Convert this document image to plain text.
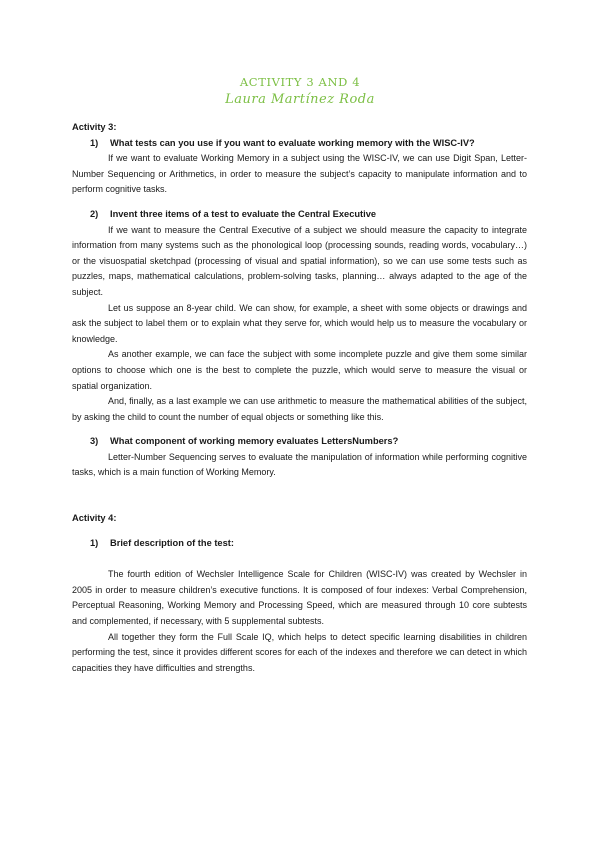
ACTIVITY 3 AND 4
Laura Martínez Roda

Activity 3:

1) What tests can you use if you want to evaluate working memory with the WISC-IV?

If we want to evaluate Working Memory in a subject using the WISC-IV, we can use Digit Span, Letter-Number Sequencing or Arithmetics, in order to measure the subject’s capacity to manipulate information and to perform cognitive tasks.

2) Invent three items of a test to evaluate the Central Executive

If we want to measure the Central Executive of a subject we should measure the capacity to integrate information from many systems such as the phonological loop (processing sounds, reading words, vocabulary…) or the visuospatial sketchpad (processing of visual and spatial information), so we can use some tests such as puzzles, maps, mathematical calculations, problem-solving tasks, planning… always adapted to the age of the subject.

Let us suppose an 8-year child. We can show, for example, a sheet with some objects or drawings and ask the subject to label them or to explain what they serve for, which would help us to measure the vocabulary or knowledge.

As another example, we can face the subject with some incomplete puzzle and give them some similar options to choose which one is the best to complete the puzzle, which would serve to measure the visual or spatial organization.

And, finally, as a last example we can use arithmetic to measure the mathematical abilities of the subject, by asking the child to count the number of equal objects or something like this.

3) What component of working memory evaluates LettersNumbers?

Letter-Number Sequencing serves to evaluate the manipulation of information while performing cognitive tasks, which is a main function of Working Memory.

Activity 4:

1) Brief description of the test:

The fourth edition of Wechsler Intelligence Scale for Children (WISC-IV) was created by Wechsler in 2005 in order to measure children’s executive functions. It is composed of four indexes: Verbal Comprehension, Perceptual Reasoning, Working Memory and Processing Speed, which are measured through 10 core subtests and complemented, if necessary, with 5 supplemental subtests.

All together they form the Full Scale IQ, which helps to detect specific learning disabilities in children performing the test, since it provides different scores for each of the indexes and therefore we can detect in which capacities they have difficulties and strengths.
